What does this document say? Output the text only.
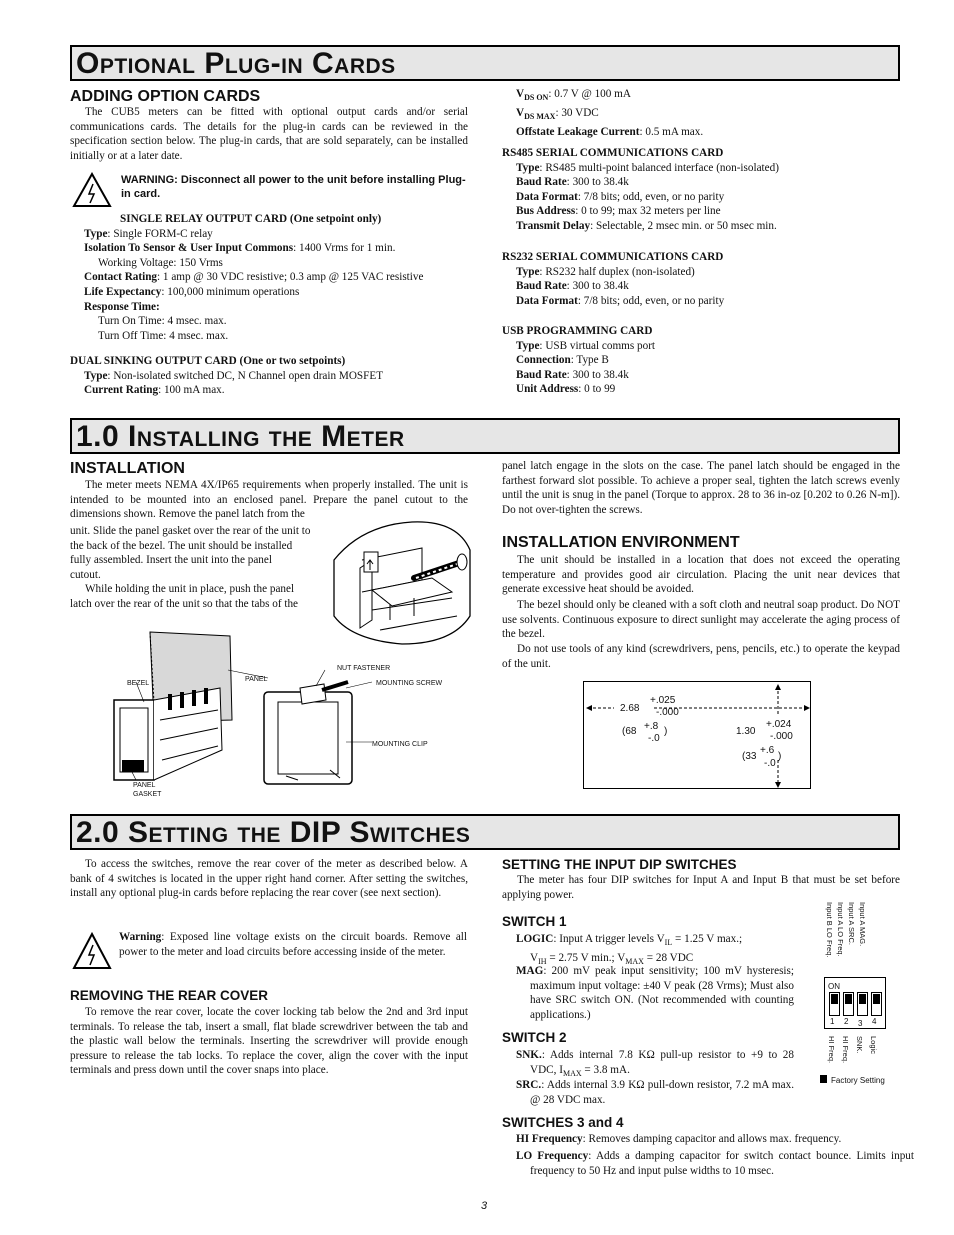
Optional Plug-in Cards
ADDING OPTION CARDS
The CUB5 meters can be fitted with optional output cards and/or serial communications cards. The details for the plug-in cards can be reviewed in the specification section below. The plug-in cards, that are sold separately, can be installed initially or at a later date.
WARNING: Disconnect all power to the unit before installing Plug-in card.
SINGLE RELAY OUTPUT CARD (One setpoint only)
Type: Single FORM-C relay
Isolation To Sensor & User Input Commons: 1400 Vrms for 1 min.
Working Voltage: 150 Vrms
Contact Rating: 1 amp @ 30 VDC resistive; 0.3 amp @ 125 VAC resistive
Life Expectancy: 100,000 minimum operations
Response Time:
Turn On Time: 4 msec. max.
Turn Off Time: 4 msec. max.
DUAL SINKING OUTPUT CARD (One or two setpoints)
Type: Non-isolated switched DC, N Channel open drain MOSFET
Current Rating: 100 mA max.
$V_{DS ON}$: 0.7 V @ 100 mA
$V_{DS MAX}$: 30 VDC
Offstate Leakage Current: 0.5 mA max.
RS485 SERIAL COMMUNICATIONS CARD
Type: RS485 multi-point balanced interface (non-isolated)
Baud Rate: 300 to 38.4k
Data Format: 7/8 bits; odd, even, or no parity
Bus Address: 0 to 99; max 32 meters per line
Transmit Delay: Selectable, 2 msec min. or 50 msec min.
RS232 SERIAL COMMUNICATIONS CARD
Type: RS232 half duplex (non-isolated)
Baud Rate: 300 to 38.4k
Data Format: 7/8 bits; odd, even, or no parity
USB PROGRAMMING CARD
Type: USB virtual comms port
Connection: Type B
Baud Rate: 300 to 38.4k
Unit Address: 0 to 99
1.0 Installing the Meter
INSTALLATION
The meter meets NEMA 4X/IP65 requirements when properly installed. The unit is intended to be mounted into an enclosed panel. Prepare the panel cutout to the dimensions shown. Remove the panel latch from the
unit. Slide the panel gasket over the rear of the unit to
the back of the bezel. The unit should be installed
fully assembled. Insert the unit into the panel
cutout.
While holding the unit in place, push the panel
latch over the rear of the unit so that the tabs of the
BEZEL
PANEL
PANEL
GASKET
NUT FASTENER
MOUNTING SCREW
MOUNTING CLIP
panel latch engage in the slots on the case. The panel latch should be engaged in the farthest forward slot possible. To achieve a proper seal, tighten the latch screws evenly until the unit is snug in the panel (Torque to approx. 28 to 36 in-oz [0.202 to 0.26 N-m]). Do not over-tighten the screws.
INSTALLATION ENVIRONMENT
The unit should be installed in a location that does not exceed the operating temperature and provides good air circulation. Placing the unit near devices that generate excessive heat should be avoided.
The bezel should only be cleaned with a soft cloth and neutral soap product. Do NOT use solvents. Continuous exposure to direct sunlight may accelerate the aging process of the bezel.
Do not use tools of any kind (screwdrivers, pens, pencils, etc.) to operate the keypad of the unit.
2.68
+.025
-.000
(68 +.8
-.0
)	1.30
+.024
-.000
(33
+.6
-.0
)
2.0 Setting the DIP Switches
To access the switches, remove the rear cover of the meter as described below. A bank of 4 switches is located in the upper right hand corner. After setting the switches, install any optional plug-in cards before replacing the rear cover (see next section).
Warning: Exposed line voltage exists on the circuit boards. Remove all power to the meter and load circuits before accessing inside of the meter.
REMOVING THE REAR COVER
To remove the rear cover, locate the cover locking tab below the 2nd and 3rd input terminals. To release the tab, insert a small, flat blade screwdriver between the tab and the plastic wall below the terminals. Inserting the screwdriver will provide enough pressure to release the tab locks. To replace the cover, align the cover with the input terminals and press down until the cover snaps into place.
SETTING THE INPUT DIP SWITCHES
The meter has four DIP switches for Input A and Input B that must be set before applying power.
SWITCH 1
LOGIC: Input A trigger levels $V_{IL} = 1.25$ V max.;
$V_{IH} = 2.75$ V min.; $V_{MAX} = 28$ VDC
MAG: 200 mV peak input sensitivity; 100 mV hysteresis; maximum input voltage: ±40 V peak (28 Vrms); Must also have SRC switch ON. (Not recommended with counting applications.)
SWITCH 2
SNK.: Adds internal 7.8 KΩ pull-up resistor to +9 to 28 VDC, $I_{MAX} = 3.8$ mA.
SRC.: Adds internal 3.9 KΩ pull-down resistor, 7.2 mA max. @ 28 VDC max.
SWITCHES 3 and 4
HI Frequency: Removes damping capacitor and allows max. frequency.
LO Frequency: Adds a damping capacitor for switch contact bounce. Limits input frequency to 50 Hz and input pulse widths to 10 msec.
Input A MAG.
Input A SRC.
Input A LO Freq.
Input B LO Freq.
ON
1 2 3 4
Logic
SNK.
HI Freq.
HI Freq.
Factory Setting
3
